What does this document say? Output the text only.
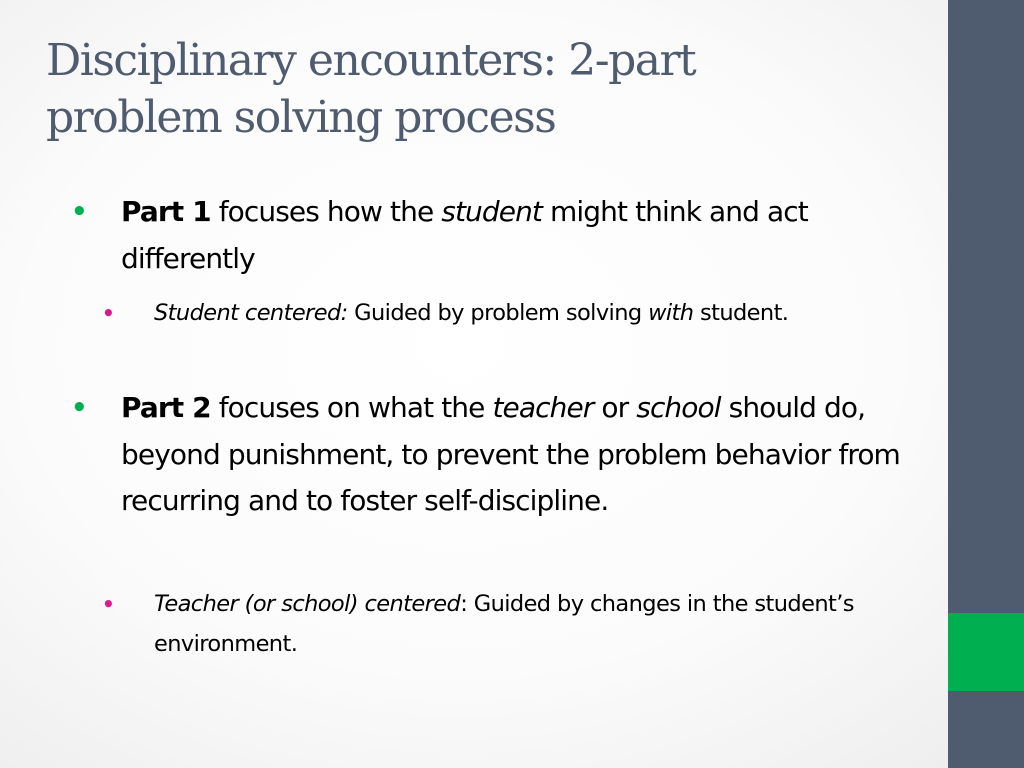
Disciplinary encounters: 2-part
problem solving process
• Part 1 focuses how the student might think and act differently
• Student centered: Guided by problem solving with student.
• Part 2 focuses on what the teacher or school should do, beyond punishment, to prevent the problem behavior from recurring and to foster self-discipline.
• Teacher (or school) centered: Guided by changes in the student’s environment.
